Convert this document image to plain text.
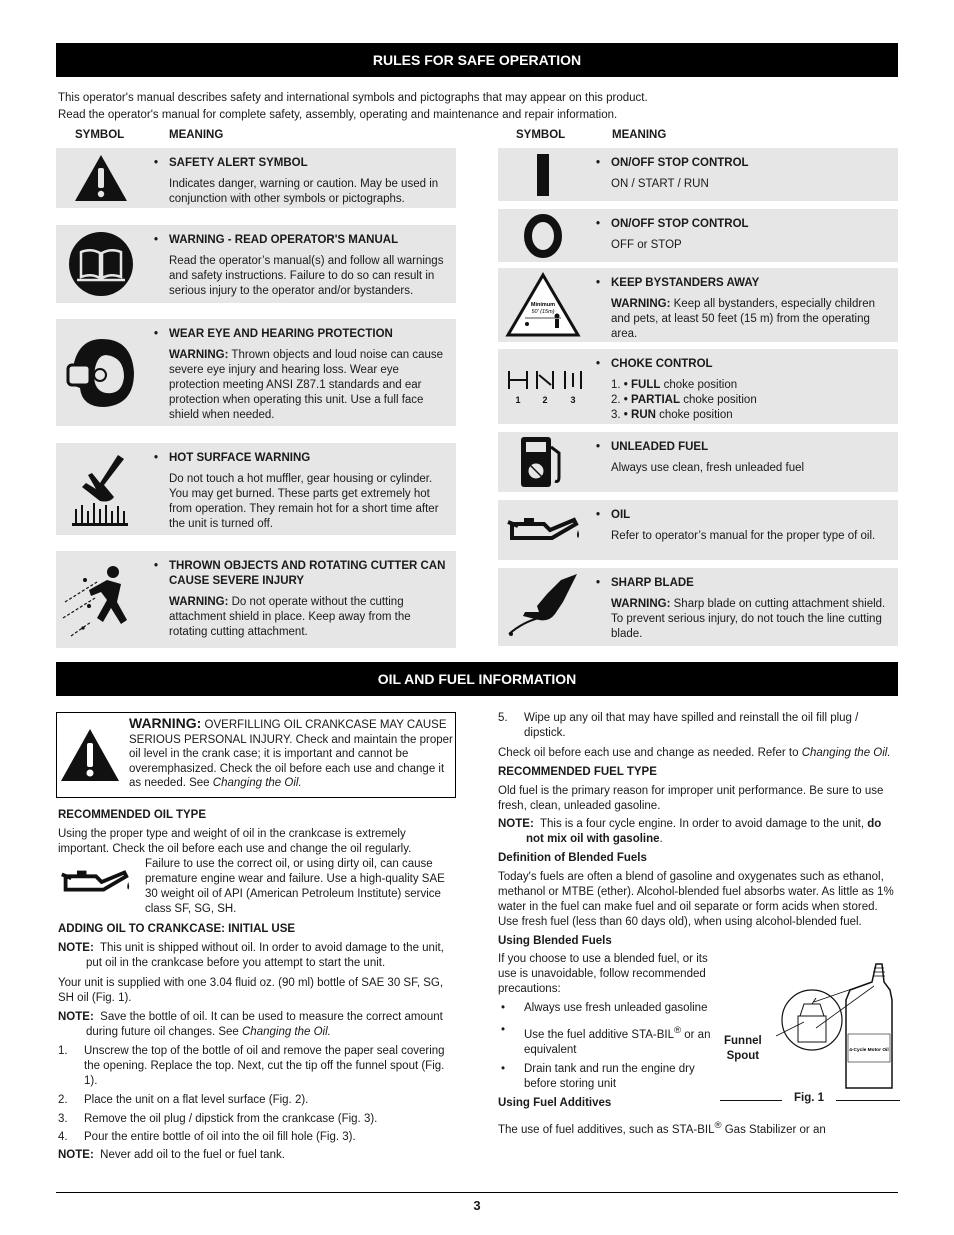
RULES FOR SAFE OPERATION
This operator's manual describes safety and international symbols and pictographs that may appear on this product.
Read the operator's manual for complete safety, assembly, operating and maintenance and repair information.
SYMBOL	MEANING	SYMBOL	MEANING
• SAFETY ALERT SYMBOL
Indicates danger, warning or caution. May be used in conjunction with other symbols or pictographs.
• WARNING - READ OPERATOR'S MANUAL
Read the operator’s manual(s) and follow all warnings and safety instructions. Failure to do so can result in serious injury to the operator and/or bystanders.
• WEAR EYE AND HEARING PROTECTION
WARNING: Thrown objects and loud noise can cause severe eye injury and hearing loss. Wear eye protection meeting ANSI Z87.1 standards and ear protection when operating this unit. Use a full face shield when needed.
• HOT SURFACE WARNING
Do not touch a hot muffler, gear housing or cylinder. You may get burned. These parts get extremely hot from operation. They remain hot for a short time after the unit is turned off.
• THROWN OBJECTS AND ROTATING CUTTER CAN CAUSE SEVERE INJURY
WARNING: Do not operate without the cutting attachment shield in place. Keep away from the rotating cutting attachment.
• ON/OFF STOP CONTROL
ON / START / RUN
• ON/OFF STOP CONTROL
OFF or STOP
Minimum
50' (15m)
• KEEP BYSTANDERS AWAY
WARNING: Keep all bystanders, especially children and pets, at least 50 feet (15 m) from the operating area.
1 2	3
• CHOKE CONTROL
1. • FULL choke position
2. • PARTIAL choke position
3. • RUN choke position
• UNLEADED FUEL
Always use clean, fresh unleaded fuel
• OIL
Refer to operator’s manual for the proper type of oil.
• SHARP BLADE
WARNING: Sharp blade on cutting attachment shield. To prevent serious injury, do not touch the line cutting blade.
OIL AND FUEL INFORMATION
WARNING: OVERFILLING OIL CRANKCASE MAY CAUSE SERIOUS PERSONAL INJURY. Check and maintain the proper oil level in the crank case; it is important and cannot be overemphasized. Check the oil before each use and change it as needed. See Changing the Oil.
RECOMMENDED OIL TYPE
Using the proper type and weight of oil in the crankcase is extremely important. Check the oil before each use and change the oil regularly.
Failure to use the correct oil, or using dirty oil, can cause premature engine wear and failure. Use a high-quality SAE 30 weight oil of API (American Petroleum Institute) service class SF, SG, SH.
ADDING OIL TO CRANKCASE: INITIAL USE
NOTE: This unit is shipped without oil. In order to avoid damage to the unit, put oil in the crankcase before you attempt to start the unit.
Your unit is supplied with one 3.04 fluid oz. (90 ml) bottle of SAE 30 SF, SG, SH oil (Fig. 1).
NOTE: Save the bottle of oil. It can be used to measure the correct amount during future oil changes. See Changing the Oil.
1. Unscrew the top of the bottle of oil and remove the paper seal covering the opening. Replace the top. Next, cut the tip off the funnel spout (Fig. 1).
2. Place the unit on a flat level surface (Fig. 2).
3. Remove the oil plug / dipstick from the crankcase (Fig. 3).
4. Pour the entire bottle of oil into the oil fill hole (Fig. 3).
NOTE: Never add oil to the fuel or fuel tank.
5. Wipe up any oil that may have spilled and reinstall the oil fill plug / dipstick.
Check oil before each use and change as needed. Refer to Changing the Oil.
RECOMMENDED FUEL TYPE
Old fuel is the primary reason for improper unit performance. Be sure to use fresh, clean, unleaded gasoline.
NOTE: This is a four cycle engine. In order to avoid damage to the unit, do not mix oil with gasoline.
Definition of Blended Fuels
Today's fuels are often a blend of gasoline and oxygenates such as ethanol, methanol or MTBE (ether). Alcohol-blended fuel absorbs water. As little as 1% water in the fuel can make fuel and oil separate or form acids when stored. Use fresh fuel (less than 60 days old), when using alcohol-blended fuel.
Using Blended Fuels
If you choose to use a blended fuel, or its use is unavoidable, follow recommended precautions:
• Always use fresh unleaded gasoline
• Use the fuel additive STA-BIL® or an equivalent
• Drain tank and run the engine dry before storing unit
Using Fuel Additives
The use of fuel additives, such as STA-BIL® Gas Stabilizer or an
4-Cycle Motor Oil
Funnel
Spout
Fig. 1
3
